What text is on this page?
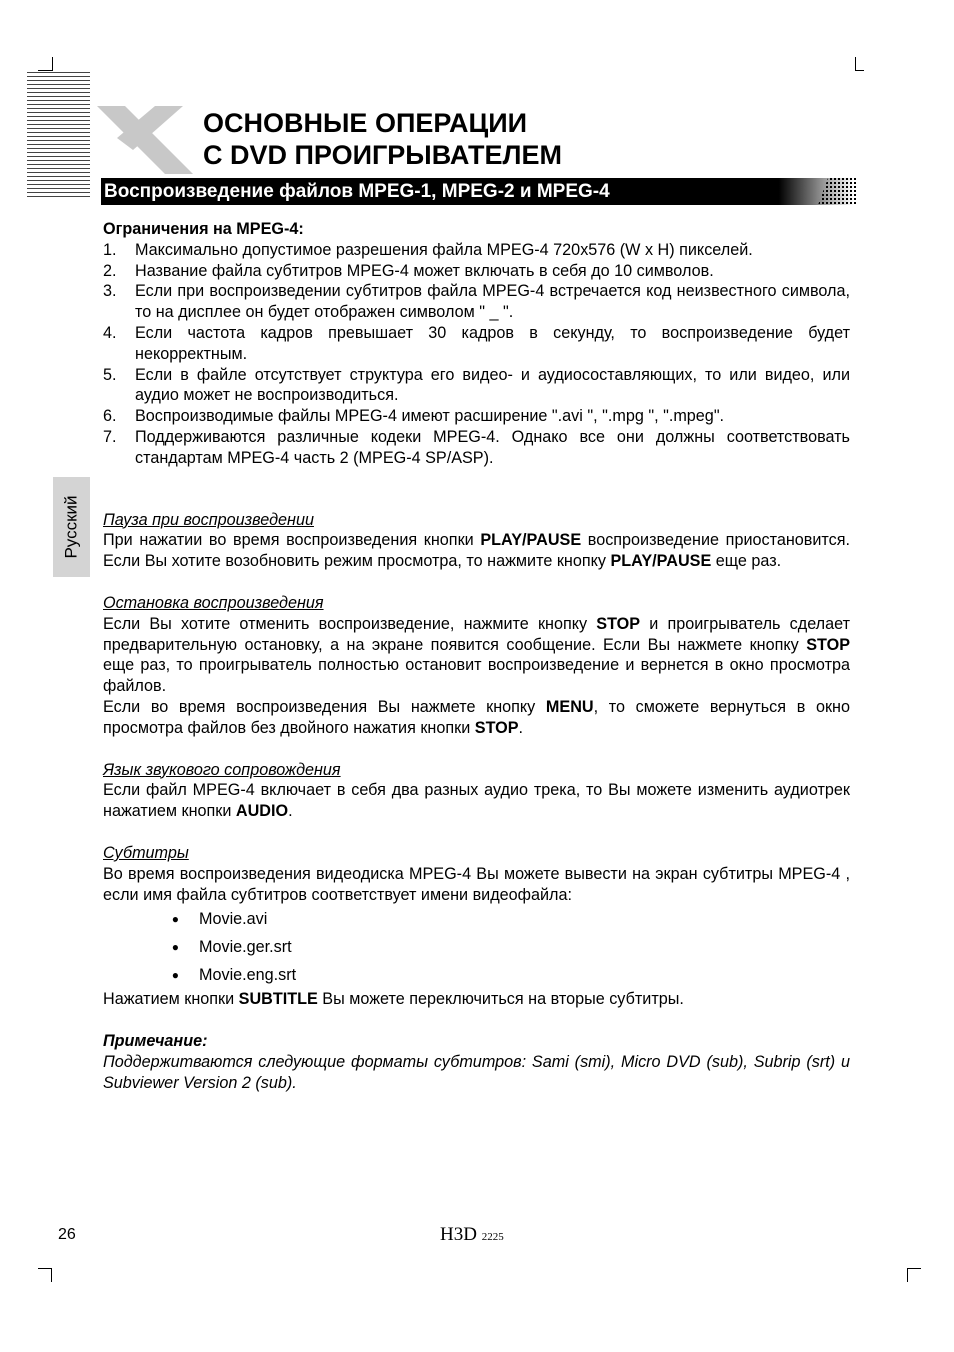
ОСНОВНЫЕ ОПЕРАЦИИ
С DVD ПРОИГРЫВАТЕЛЕМ
Воспроизведение файлов MPEG-1, MPEG-2 и MPEG-4
Русский

Ограничения на MPEG-4:

1.	Максимально допустимое разрешения файла MPEG-4 720x576 (W x H) пикселей.
2.	Название файла субтитров MPEG-4 может включать в себя до 10 символов.
3.	Если при воспроизведении субтитров файла MPEG-4 встречается код неизвестного символа, то на дисплее он будет отображен символом " _ ".
4.	Если частота кадров превышает 30 кадров в секунду, то воспроизведение будет некорректным.
5.	Если в файле отсутствует структура его видео- и аудиосоставляющих, то или видео, или аудио может не воспроизводиться.
6.	Воспроизводимые файлы MPEG-4 имеют расширение ".avi ", ".mpg ", ".mpeg".
7.	Поддерживаются различные кодеки MPEG-4. Однако все они должны соответствовать стандартам MPEG-4 часть 2 (MPEG-4 SP/ASP).

Пауза при воспроизведении

При нажатии во время воспроизведения кнопки PLAY/PAUSE воспроизведение приостановится. Если Вы хотите возобновить режим просмотра, то нажмите кнопку PLAY/PAUSE еще раз.

Остановка воспроизведения

Если Вы хотите отменить воспроизведение, нажмите кнопку STOP и проигрыватель сделает предварительную остановку, а на экране появится сообщение. Если Вы нажмете кнопку STOP еще раз, то проигрыватель полностью остановит воспроизведение и вернется в окно просмотра файлов.

Если во время воспроизведения Вы нажмете кнопку MENU, то сможете вернуться в окно просмотра файлов без двойного нажатия кнопки STOP.

Язык звукового сопровождения

Если файл MPEG-4 включает в себя два разных аудио трека, то Вы можете изменить аудиотрек нажатием кнопки AUDIO.

Субтитры

Во время воспроизведения видеодиска MPEG-4 Вы можете вывести на экран субтитры MPEG-4 , если имя файла субтитров соответствует имени видеофайла:

●	Movie.avi
●	Movie.ger.srt
●	Movie.eng.srt

Нажатием кнопки SUBTITLE Вы можете переключиться на вторые субтитры.

Примечание:

Поддержитваются следующие форматы субтитров: Sami (smi), Micro DVD (sub), Subrip (srt) и Subviewer Version 2 (sub).

26	H3D 2225
